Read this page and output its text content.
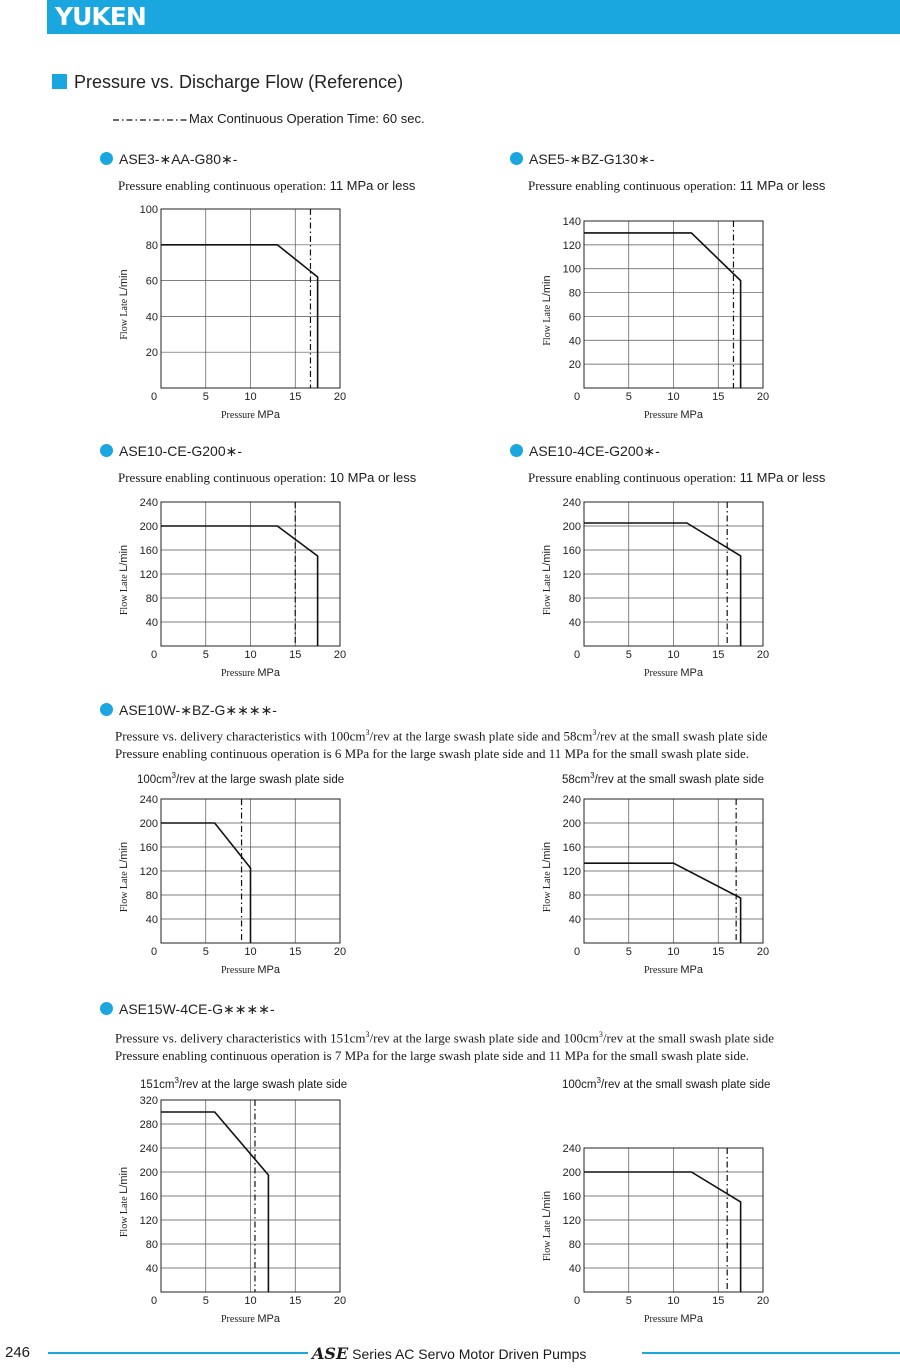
YUKEN
Pressure vs. Discharge Flow (Reference)
Max Continuous Operation Time: 60 sec.
ASE3-∗AA-G80∗-
Pressure enabling continuous operation: 11 MPa or less
ASE5-∗BZ-G130∗-
Pressure enabling continuous operation: 11 MPa or less
ASE10-CE-G200∗-
Pressure enabling continuous operation: 10 MPa or less
ASE10-4CE-G200∗-
Pressure enabling continuous operation: 11 MPa or less
ASE10W-∗BZ-G∗∗∗∗-
Pressure vs. delivery characteristics with $100cm^3$/rev at the large swash plate side and $58cm^3$/rev at the small swash plate side
Pressure enabling continuous operation is 6 MPa for the large swash plate side and 11 MPa for the small swash plate side.
ASE15W-4CE-G∗∗∗∗-
Pressure vs. delivery characteristics with $151cm^3$/rev at the large swash plate side and $100cm^3$/rev at the small swash plate side
Pressure enabling continuous operation is 7 MPa for the large swash plate side and 11 MPa for the small swash plate side.
$100cm^3$/rev at the large swash plate side	$58cm^3$/rev at the small swash plate side
$151cm^3$/rev at the large swash plate side	$100cm^3$/rev at the small swash plate side
20
40
60
80
100
0	5	10	15	20
Pressure MPa
Flow Late L/min
20
40
60
80
100
120
140
0	5	10	15	20
Pressure MPa
Flow Late L/min
40
80
120
160
200
240
0	5	10	15	20
Pressure MPa
Flow Late L/min
40
80
120
160
200
240
0	5	10	15	20
Pressure MPa
Flow Late L/min
40
80
120
160
200
240
0	5	10	15	20
Pressure MPa
Flow Late L/min
40
80
120
160
200
240
0	5	10	15	20
Pressure MPa
Flow Late L/min
40
80
120
160
200
240
280
320
0	5	10	15	20
Pressure MPa
Flow Late L/min
40
80
120
160
200
240
0	5	10	15	20
Pressure MPa
Flow Late L/min
246	ASE Series AC Servo Motor Driven Pumps
